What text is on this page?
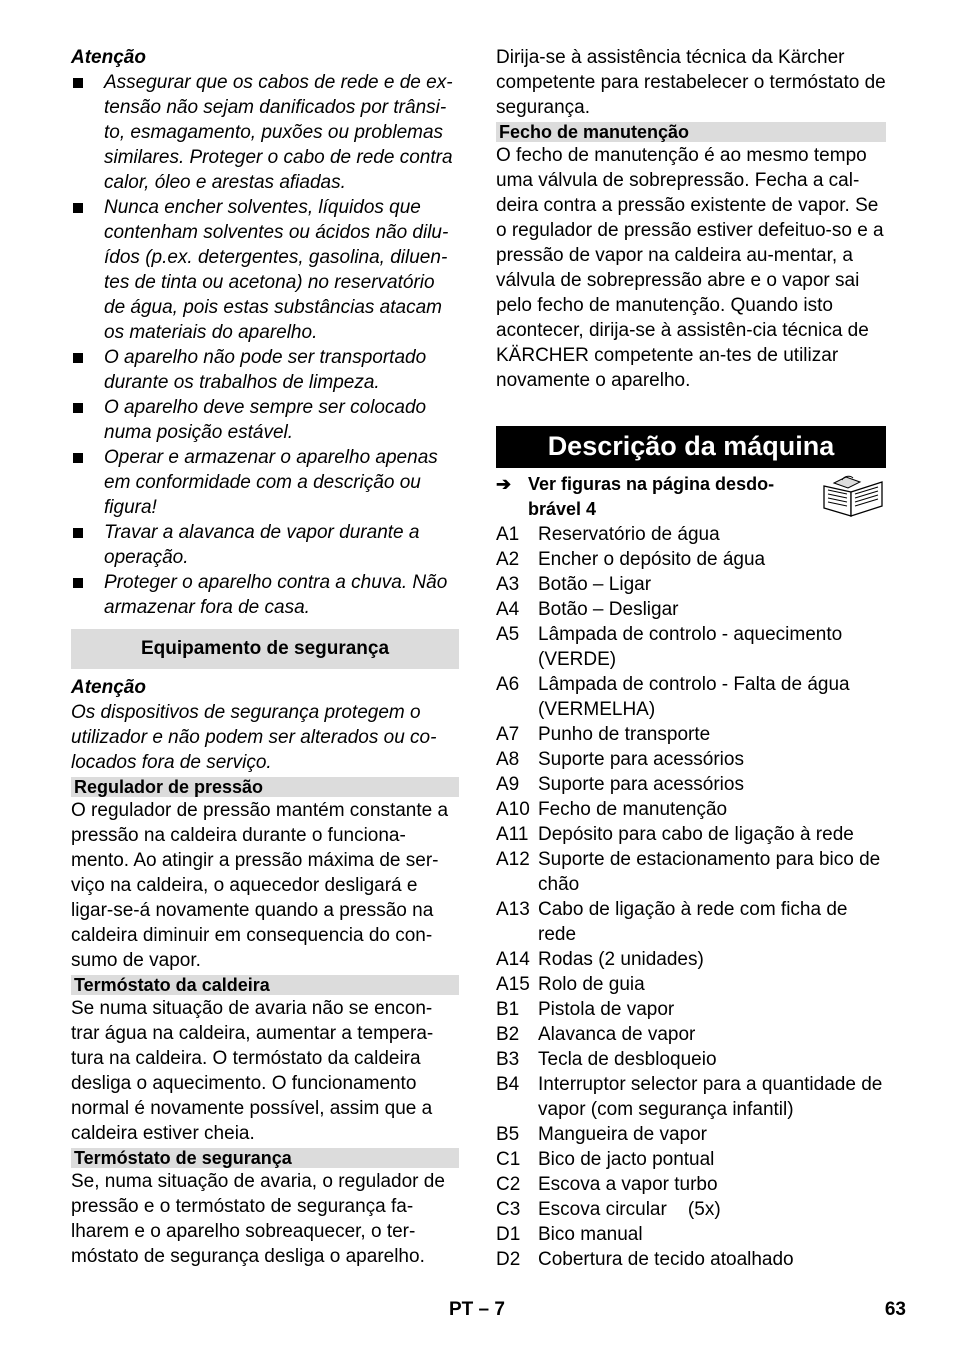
Atenção
Assegurar que os cabos de rede e de ex-tensão não sejam danificados por trânsi-to, esmagamento, puxões ou problemas similares. Proteger o cabo de rede contra calor, óleo e arestas afiadas.
Nunca encher solventes, líquidos que contenham solventes ou ácidos não dilu-ídos (p.ex. detergentes, gasolina, diluen-tes de tinta ou acetona) no reservatório de água, pois estas substâncias atacam os materiais do aparelho.
O aparelho não pode ser transportado durante os trabalhos de limpeza.
O aparelho deve sempre ser colocado numa posição estável.
Operar e armazenar o aparelho apenas em conformidade com a descrição ou figura!
Travar a alavanca de vapor durante a operação.
Proteger o aparelho contra a chuva. Não armazenar fora de casa.
Equipamento de segurança
Atenção
Os dispositivos de segurança protegem o utilizador e não podem ser alterados ou co-locados fora de serviço.
Regulador de pressão
O regulador de pressão mantém constante a pressão na caldeira durante o funciona-mento. Ao atingir a pressão máxima de ser-viço na caldeira, o aquecedor desligará e ligar-se-á novamente quando a pressão na caldeira diminuir em consequencia do con-sumo de vapor.
Termóstato da caldeira
Se numa situação de avaria não se encon-trar água na caldeira, aumentar a tempera-tura na caldeira. O termóstato da caldeira desliga o aquecimento. O funcionamento normal é novamente possível, assim que a caldeira estiver cheia.
Termóstato de segurança
Se, numa situação de avaria, o regulador de pressão e o termóstato de segurança fa-lharem e o aparelho sobreaquecer, o ter-móstato de segurança desliga o aparelho.
Dirija-se à assistência técnica da Kärcher competente para restabelecer o termóstato de segurança.
Fecho de manutenção
O fecho de manutenção é ao mesmo tempo uma válvula de sobrepressão. Fecha a cal-deira contra a pressão existente de vapor. Se o regulador de pressão estiver defeituo-so e a pressão de vapor na caldeira au-mentar, a válvula de sobrepressão abre e o vapor sai pelo fecho de manutenção. Quando isto acontecer, dirija-se à assistên-cia técnica de KÄRCHER competente an-tes de utilizar novamente o aparelho.
Descrição da máquina
➔ Ver figuras na página desdo-brável 4
A1 Reservatório de água
A2 Encher o depósito de água
A3 Botão – Ligar
A4 Botão – Desligar
A5 Lâmpada de controlo - aquecimento (VERDE)
A6 Lâmpada de controlo - Falta de água (VERMELHA)
A7 Punho de transporte
A8 Suporte para acessórios
A9 Suporte para acessórios
A10 Fecho de manutenção
A11 Depósito para cabo de ligação à rede
A12 Suporte de estacionamento para bico de chão
A13 Cabo de ligação à rede com ficha de rede
A14 Rodas (2 unidades)
A15 Rolo de guia
B1 Pistola de vapor
B2 Alavanca de vapor
B3 Tecla de desbloqueio
B4 Interruptor selector para a quantidade de vapor (com segurança infantil)
B5 Mangueira de vapor
C1 Bico de jacto pontual
C2 Escova a vapor turbo
C3 Escova circular    (5x)
D1 Bico manual
D2 Cobertura de tecido atoalhado
PT – 7	63
